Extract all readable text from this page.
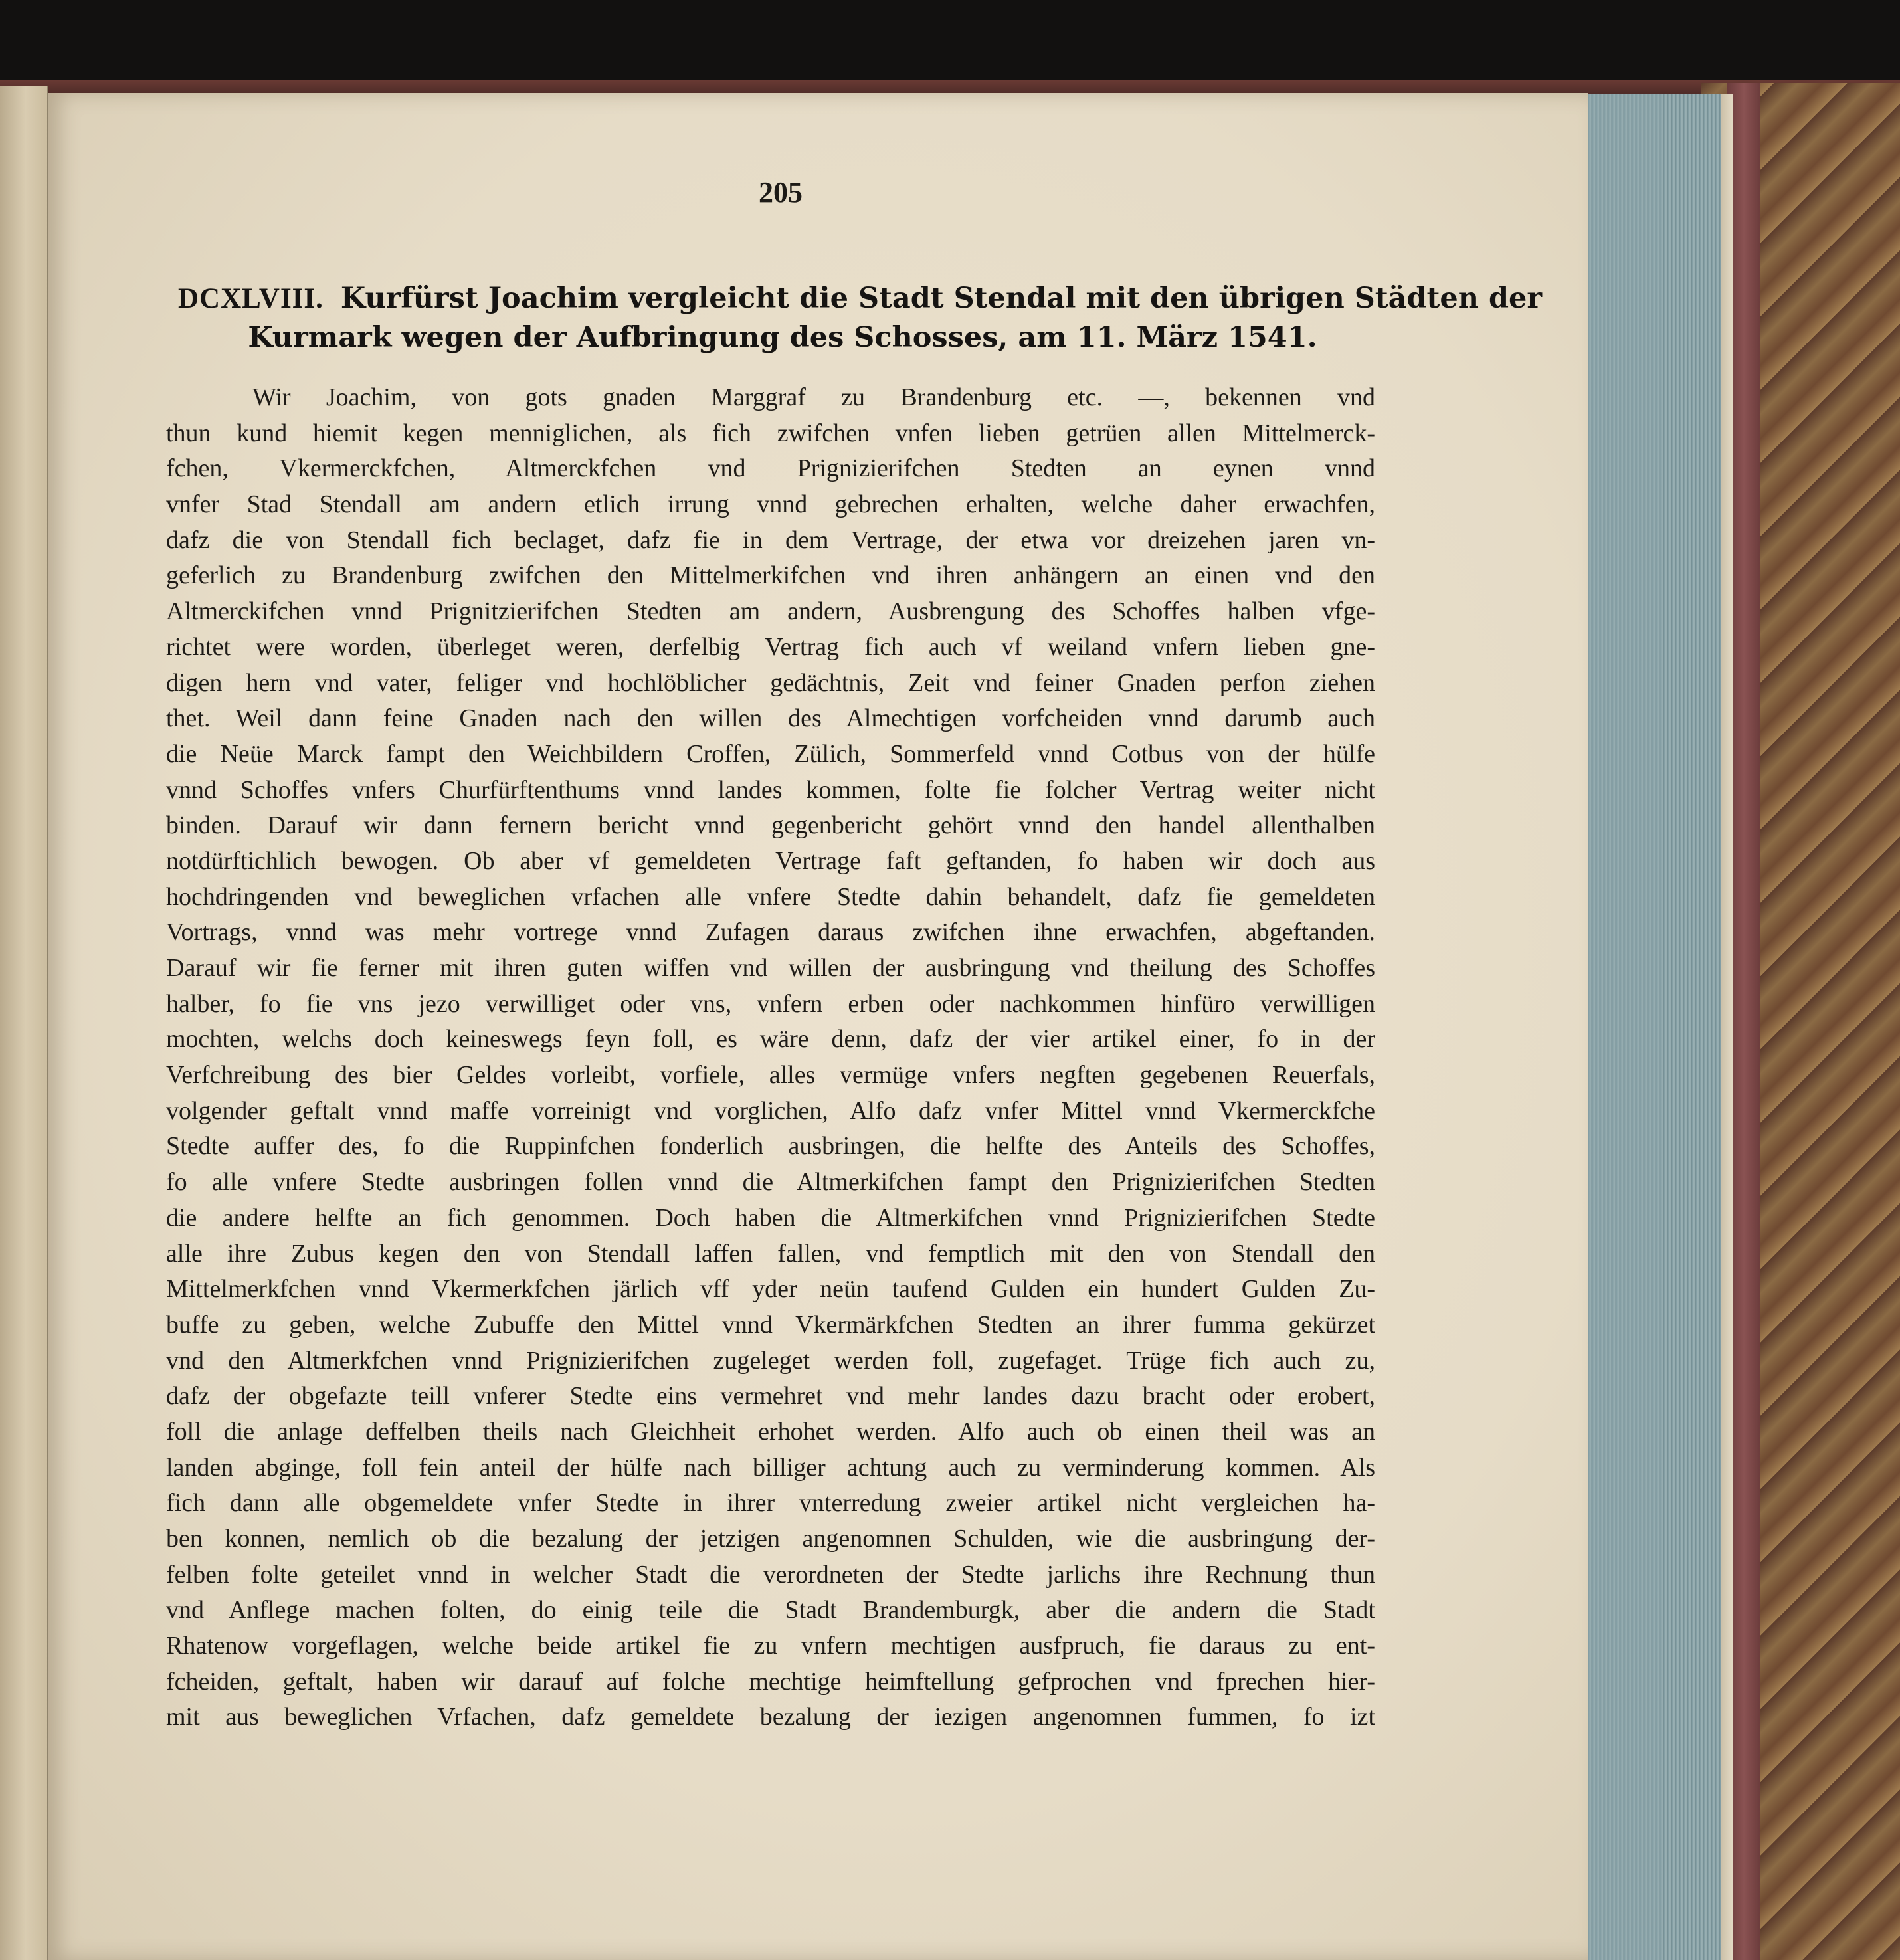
205
DCXLVIII. Kurfürst Joachim vergleicht die Stadt Stendal mit den übrigen Städten der
Kurmark wegen der Aufbringung des Schosses, am 11. März 1541.
Wir Joachim, von gots gnaden Marggraf zu Brandenburg etc. —, bekennen vnd
thun kund hiemit kegen menniglichen, als fich zwifchen vnfen lieben getrüen allen Mittelmerck-
fchen, Vkermerckfchen, Altmerckfchen vnd Prignizierifchen Stedten an eynen vnnd
vnfer Stad Stendall am andern etlich irrung vnnd gebrechen erhalten, welche daher erwachfen,
dafz die von Stendall fich beclaget, dafz fie in dem Vertrage, der etwa vor dreizehen jaren vn-
geferlich zu Brandenburg zwifchen den Mittelmerkifchen vnd ihren anhängern an einen vnd den
Altmerckifchen vnnd Prignitzierifchen Stedten am andern, Ausbrengung des Schoffes halben vfge-
richtet were worden, überleget weren, derfelbig Vertrag fich auch vf weiland vnfern lieben gne-
digen hern vnd vater, feliger vnd hochlöblicher gedächtnis, Zeit vnd feiner Gnaden perfon ziehen
thet. Weil dann feine Gnaden nach den willen des Almechtigen vorfcheiden vnnd darumb auch
die Neüe Marck fampt den Weichbildern Croffen, Zülich, Sommerfeld vnnd Cotbus von der hülfe
vnnd Schoffes vnfers Churfürftenthums vnnd landes kommen, folte fie folcher Vertrag weiter nicht
binden. Darauf wir dann fernern bericht vnnd gegenbericht gehört vnnd den handel allenthalben
notdürftichlich bewogen. Ob aber vf gemeldeten Vertrage faft geftanden, fo haben wir doch aus
hochdringenden vnd beweglichen vrfachen alle vnfere Stedte dahin behandelt, dafz fie gemeldeten
Vortrags, vnnd was mehr vortrege vnnd Zufagen daraus zwifchen ihne erwachfen, abgeftanden.
Darauf wir fie ferner mit ihren guten wiffen vnd willen der ausbringung vnd theilung des Schoffes
halber, fo fie vns jezo verwilliget oder vns, vnfern erben oder nachkommen hinfüro verwilligen
mochten, welchs doch keineswegs feyn foll, es wäre denn, dafz der vier artikel einer, fo in der
Verfchreibung des bier Geldes vorleibt, vorfiele, alles vermüge vnfers negften gegebenen Reuerfals,
volgender geftalt vnnd maffe vorreinigt vnd vorglichen, Alfo dafz vnfer Mittel vnnd Vkermerckfche
Stedte auffer des, fo die Ruppinfchen fonderlich ausbringen, die helfte des Anteils des Schoffes,
fo alle vnfere Stedte ausbringen follen vnnd die Altmerkifchen fampt den Prignizierifchen Stedten
die andere helfte an fich genommen. Doch haben die Altmerkifchen vnnd Prignizierifchen Stedte
alle ihre Zubus kegen den von Stendall laffen fallen, vnd femptlich mit den von Stendall den
Mittelmerkfchen vnnd Vkermerkfchen järlich vff yder neün taufend Gulden ein hundert Gulden Zu-
buffe zu geben, welche Zubuffe den Mittel vnnd Vkermärkfchen Stedten an ihrer fumma gekürzet
vnd den Altmerkfchen vnnd Prignizierifchen zugeleget werden foll, zugefaget. Trüge fich auch zu,
dafz der obgefazte teill vnferer Stedte eins vermehret vnd mehr landes dazu bracht oder erobert,
foll die anlage deffelben theils nach Gleichheit erhohet werden. Alfo auch ob einen theil was an
landen abginge, foll fein anteil der hülfe nach billiger achtung auch zu verminderung kommen. Als
fich dann alle obgemeldete vnfer Stedte in ihrer vnterredung zweier artikel nicht vergleichen ha-
ben konnen, nemlich ob die bezalung der jetzigen angenomnen Schulden, wie die ausbringung der-
felben folte geteilet vnnd in welcher Stadt die verordneten der Stedte jarlichs ihre Rechnung thun
vnd Anflege machen folten, do einig teile die Stadt Brandemburgk, aber die andern die Stadt
Rhatenow vorgeflagen, welche beide artikel fie zu vnfern mechtigen ausfpruch, fie daraus zu ent-
fcheiden, geftalt, haben wir darauf auf folche mechtige heimftellung gefprochen vnd fprechen hier-
mit aus beweglichen Vrfachen, dafz gemeldete bezalung der iezigen angenomnen fummen, fo izt
